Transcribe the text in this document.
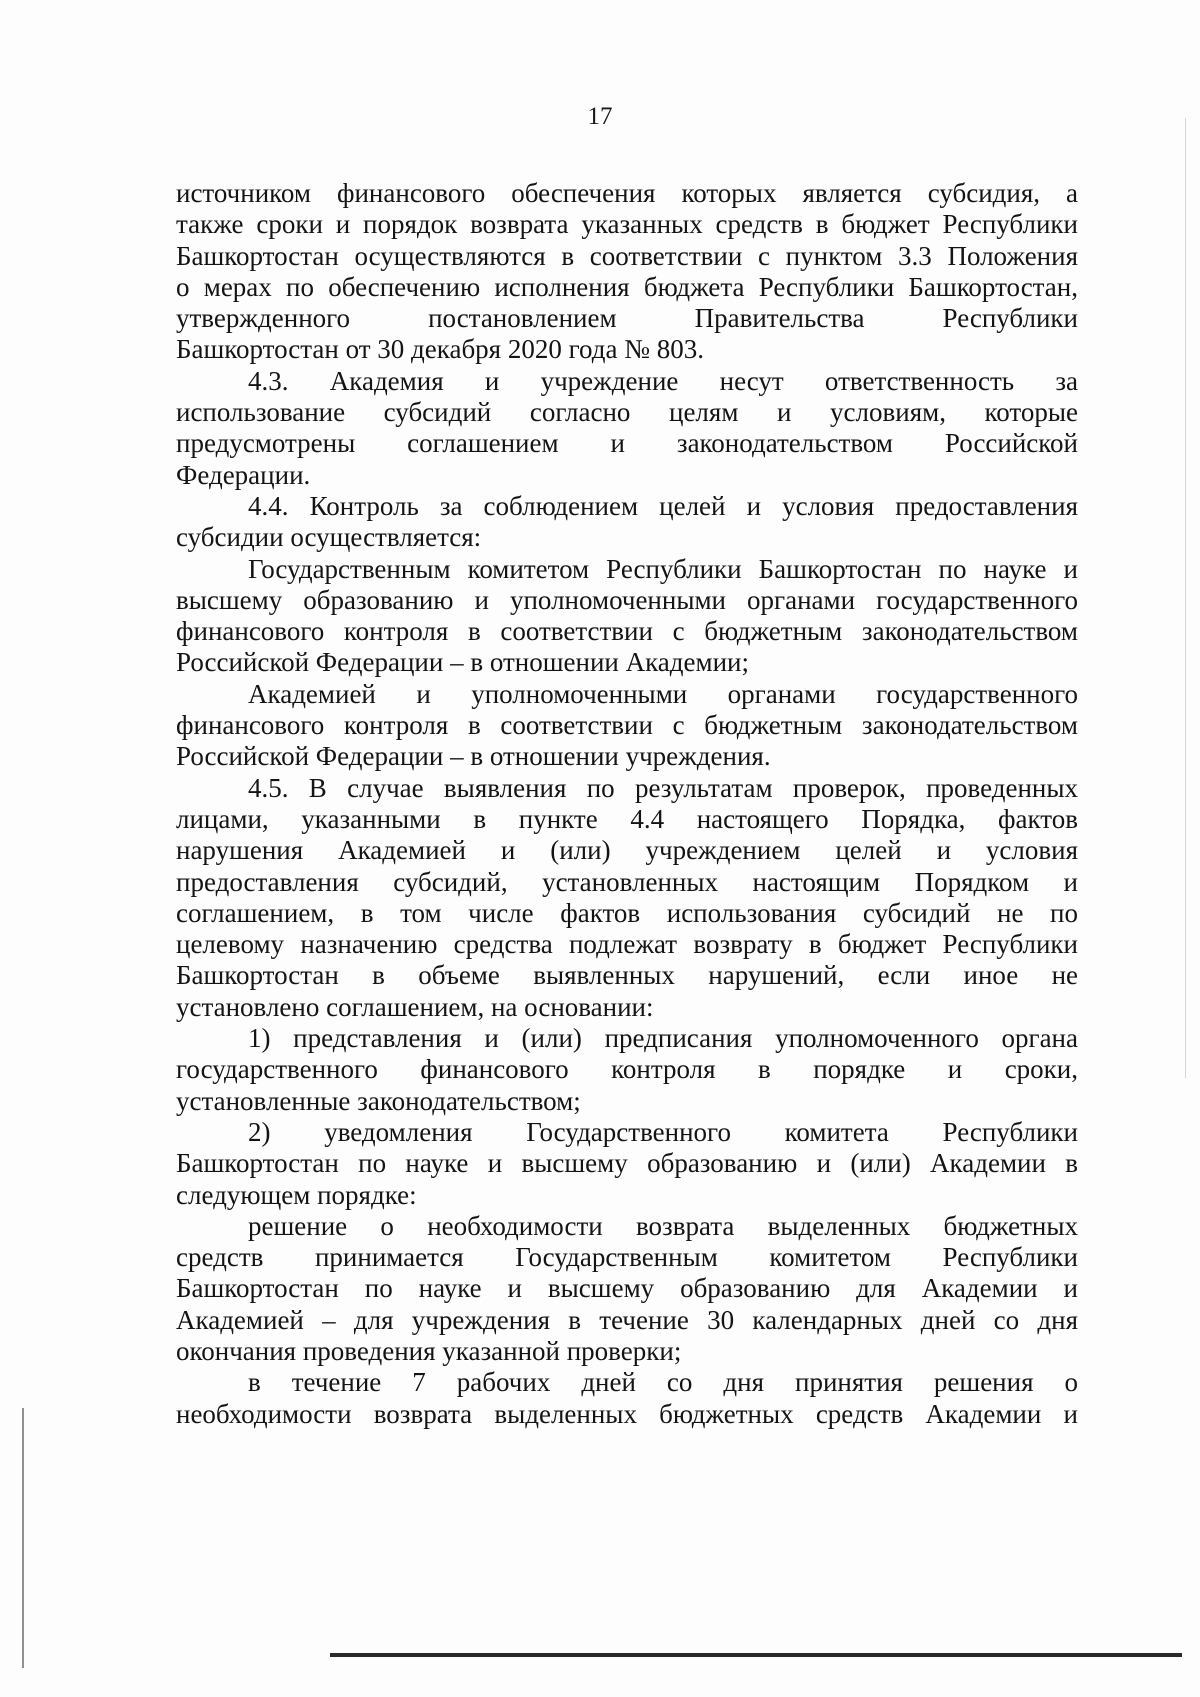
17
источником финансового обеспечения которых является субсидия, а
также сроки и порядок возврата указанных средств в бюджет Республики
Башкортостан осуществляются в соответствии с пунктом 3.3 Положения
о мерах по обеспечению исполнения бюджета Республики Башкортостан,
утвержденного постановлением Правительства Республики
Башкортостан от 30 декабря 2020 года № 803.
4.3. Академия и учреждение несут ответственность за
использование субсидий согласно целям и условиям, которые
предусмотрены соглашением и законодательством Российской
Федерации.
4.4. Контроль за соблюдением целей и условия предоставления
субсидии осуществляется:
Государственным комитетом Республики Башкортостан по науке и
высшему образованию и уполномоченными органами государственного
финансового контроля в соответствии с бюджетным законодательством
Российской Федерации – в отношении Академии;
Академией и уполномоченными органами государственного
финансового контроля в соответствии с бюджетным законодательством
Российской Федерации – в отношении учреждения.
4.5. В случае выявления по результатам проверок, проведенных
лицами, указанными в пункте 4.4 настоящего Порядка, фактов
нарушения Академией и (или) учреждением целей и условия
предоставления субсидий, установленных настоящим Порядком и
соглашением, в том числе фактов использования субсидий не по
целевому назначению средства подлежат возврату в бюджет Республики
Башкортостан в объеме выявленных нарушений, если иное не
установлено соглашением, на основании:
1) представления и (или) предписания уполномоченного органа
государственного финансового контроля в порядке и сроки,
установленные законодательством;
2) уведомления Государственного комитета Республики
Башкортостан по науке и высшему образованию и (или) Академии в
следующем порядке:
решение о необходимости возврата выделенных бюджетных
средств принимается Государственным комитетом Республики
Башкортостан по науке и высшему образованию для Академии и
Академией – для учреждения в течение 30 календарных дней со дня
окончания проведения указанной проверки;
в течение 7 рабочих дней со дня принятия решения о
необходимости возврата выделенных бюджетных средств Академии и
